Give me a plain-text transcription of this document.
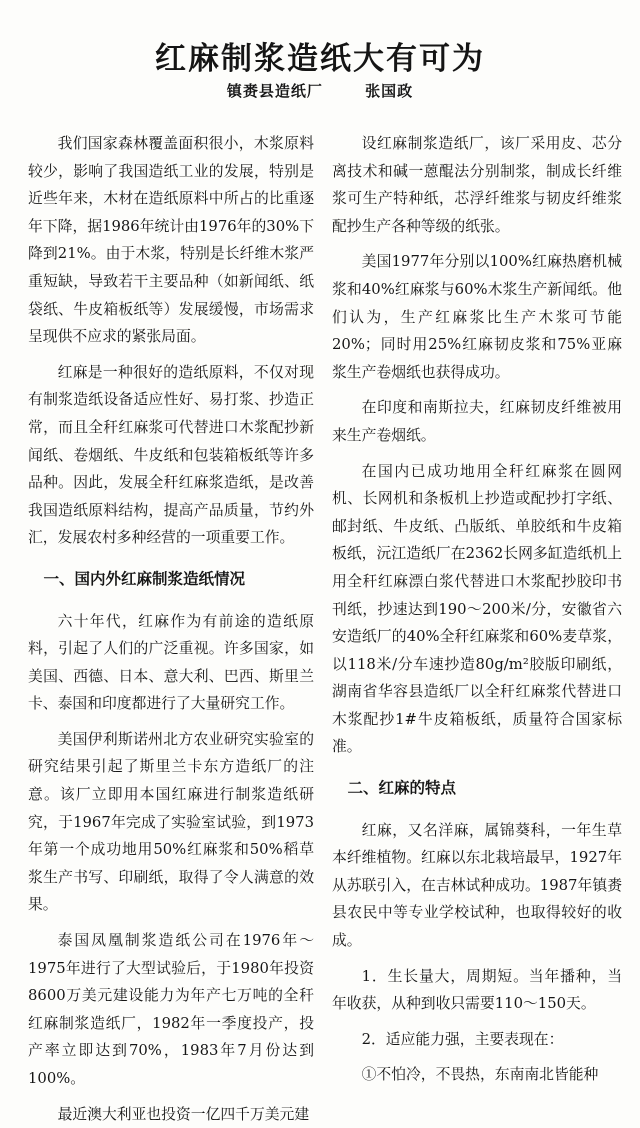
红麻制浆造纸大有可为
镇赉县造纸厂	张国政

我们国家森林覆盖面积很小，木浆原料较少，影响了我国造纸工业的发展，特别是近些年来，木材在造纸原料中所占的比重逐年下降，据1986年统计由1976年的30%下降到21%。由于木浆，特别是长纤维木浆严重短缺，导致若干主要品种（如新闻纸、纸袋纸、牛皮箱板纸等）发展缓慢，市场需求呈现供不应求的紧张局面。

红麻是一种很好的造纸原料，不仅对现有制浆造纸设备适应性好、易打浆、抄造正常，而且全秆红麻浆可代替进口木浆配抄新闻纸、卷烟纸、牛皮纸和包装箱板纸等许多品种。因此，发展全秆红麻浆造纸，是改善我国造纸原料结构，提高产品质量，节约外汇，发展农村多种经营的一项重要工作。

一、国内外红麻制浆造纸情况

六十年代，红麻作为有前途的造纸原料，引起了人们的广泛重视。许多国家，如美国、西德、日本、意大利、巴西、斯里兰卡、泰国和印度都进行了大量研究工作。

美国伊利斯诺州北方农业研究实验室的研究结果引起了斯里兰卡东方造纸厂的注意。该厂立即用本国红麻进行制浆造纸研究，于1967年完成了实验室试验，到1973年第一个成功地用50%红麻浆和50%稻草浆生产书写、印刷纸，取得了令人满意的效果。

泰国凤凰制浆造纸公司在1976年～1975年进行了大型试验后，于1980年投资8600万美元建设能力为年产七万吨的全秆红麻制浆造纸厂，1982年一季度投产，投产率立即达到70%，1983年7月份达到100%。

最近澳大利亚也投资一亿四千万美元建

设红麻制浆造纸厂，该厂采用皮、芯分离技术和碱一蒽醌法分别制浆，制成长纤维浆可生产特种纸，芯浮纤维浆与韧皮纤维浆配抄生产各种等级的纸张。

美国1977年分别以100%红麻热磨机械浆和40%红麻浆与60%木浆生产新闻纸。他们认为，生产红麻浆比生产木浆可节能20%；同时用25%红麻韧皮浆和75%亚麻浆生产卷烟纸也获得成功。

在印度和南斯拉夫，红麻韧皮纤维被用来生产卷烟纸。

在国内已成功地用全秆红麻浆在圆网机、长网机和条板机上抄造或配抄打字纸、邮封纸、牛皮纸、凸版纸、单胶纸和牛皮箱板纸，沅江造纸厂在2362长网多缸造纸机上用全秆红麻漂白浆代替进口木浆配抄胶印书刊纸，抄速达到190～200米/分，安徽省六安造纸厂的40%全秆红麻浆和60%麦草浆，以118米/分车速抄造80g/m²胶版印刷纸，湖南省华容县造纸厂以全秆红麻浆代替进口木浆配抄1#牛皮箱板纸，质量符合国家标准。

二、红麻的特点

红麻，又名洋麻，属锦葵科，一年生草本纤维植物。红麻以东北栽培最早，1927年从苏联引入，在吉林试种成功。1987年镇赉县农民中等专业学校试种，也取得较好的收成。

1．生长量大，周期短。当年播种，当年收获，从种到收只需要110～150天。

2．适应能力强，主要表现在：

①不怕冷，不畏热，东南南北皆能种
